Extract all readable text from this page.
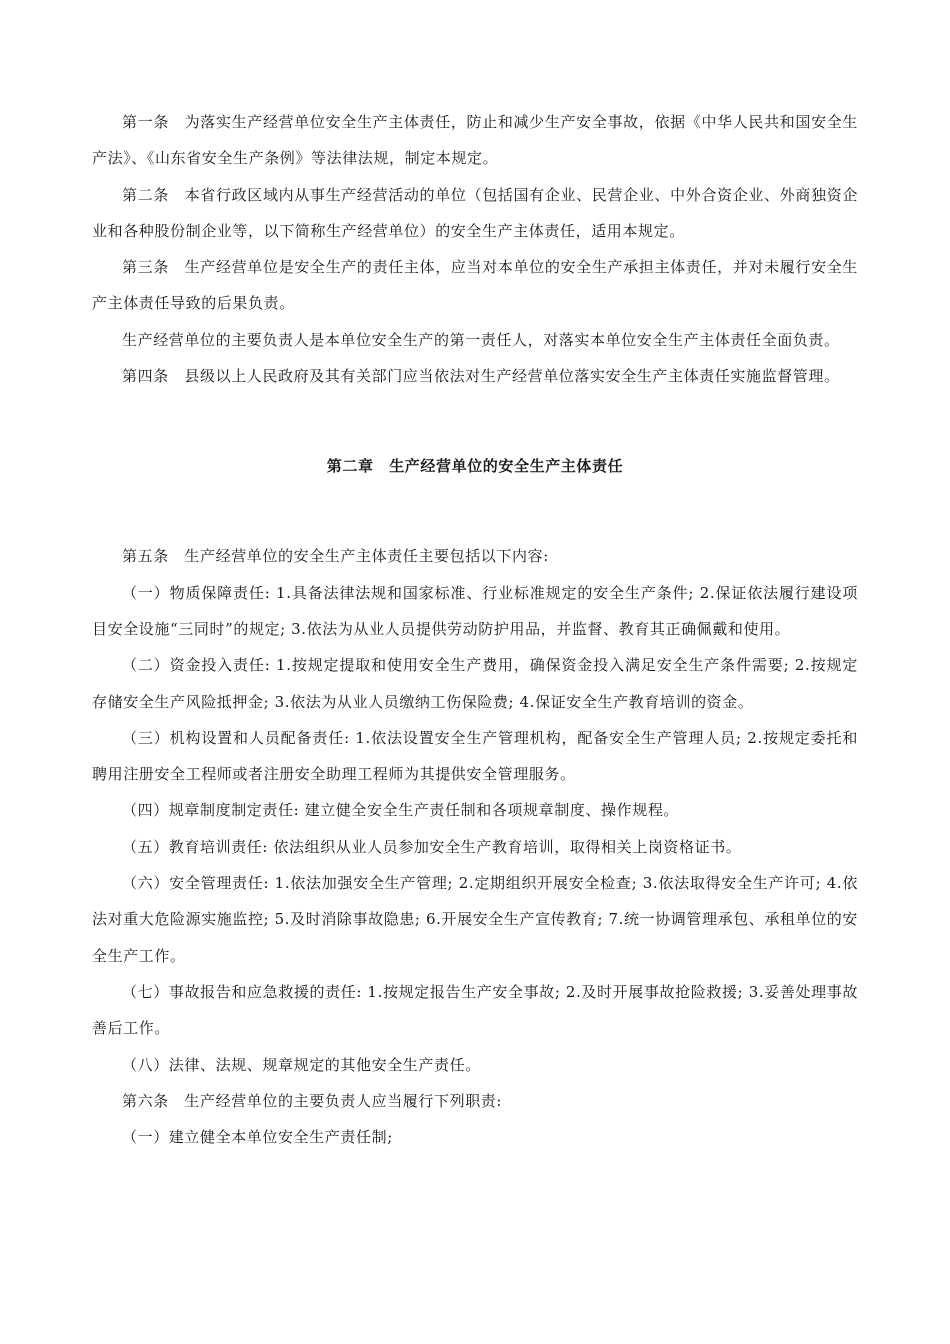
第一条　为落实生产经营单位安全生产主体责任，防止和减少生产安全事故，依据《中华人民共和国安全生产法》、《山东省安全生产条例》等法律法规，制定本规定。

第二条　本省行政区域内从事生产经营活动的单位（包括国有企业、民营企业、中外合资企业、外商独资企业和各种股份制企业等，以下简称生产经营单位）的安全生产主体责任，适用本规定。

第三条　生产经营单位是安全生产的责任主体，应当对本单位的安全生产承担主体责任，并对未履行安全生产主体责任导致的后果负责。

生产经营单位的主要负责人是本单位安全生产的第一责任人，对落实本单位安全生产主体责任全面负责。

第四条　县级以上人民政府及其有关部门应当依法对生产经营单位落实安全生产主体责任实施监督管理。

第二章　生产经营单位的安全生产主体责任

第五条　生产经营单位的安全生产主体责任主要包括以下内容:

（一）物质保障责任: 1.具备法律法规和国家标准、行业标准规定的安全生产条件; 2.保证依法履行建设项目安全设施“三同时”的规定; 3.依法为从业人员提供劳动防护用品，并监督、教育其正确佩戴和使用。

（二）资金投入责任: 1.按规定提取和使用安全生产费用，确保资金投入满足安全生产条件需要; 2.按规定存储安全生产风险抵押金; 3.依法为从业人员缴纳工伤保险费; 4.保证安全生产教育培训的资金。

（三）机构设置和人员配备责任: 1.依法设置安全生产管理机构，配备安全生产管理人员; 2.按规定委托和聘用注册安全工程师或者注册安全助理工程师为其提供安全管理服务。

（四）规章制度制定责任: 建立健全安全生产责任制和各项规章制度、操作规程。

（五）教育培训责任: 依法组织从业人员参加安全生产教育培训，取得相关上岗资格证书。

（六）安全管理责任: 1.依法加强安全生产管理; 2.定期组织开展安全检查; 3.依法取得安全生产许可; 4.依法对重大危险源实施监控; 5.及时消除事故隐患; 6.开展安全生产宣传教育; 7.统一协调管理承包、承租单位的安全生产工作。

（七）事故报告和应急救援的责任: 1.按规定报告生产安全事故; 2.及时开展事故抢险救援; 3.妥善处理事故善后工作。

（八）法律、法规、规章规定的其他安全生产责任。

第六条　生产经营单位的主要负责人应当履行下列职责:

（一）建立健全本单位安全生产责任制;
